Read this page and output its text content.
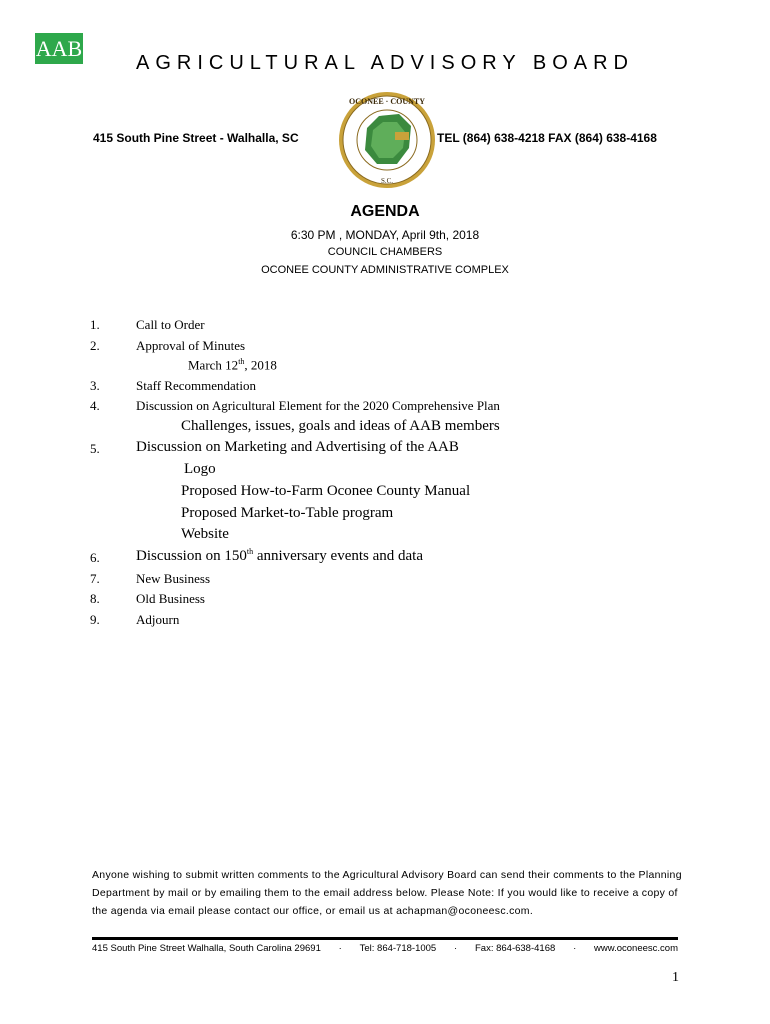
AAB
AGRICULTURAL ADVISORY BOARD
415 South Pine Street - Walhalla, SC	TEL (864) 638-4218 FAX (864) 638-4168
OCONEE · COUNTY
S.C.
AGENDA
6:30 PM , MONDAY, April 9th, 2018
COUNCIL CHAMBERS
OCONEE COUNTY ADMINISTRATIVE COMPLEX
1.	Call to Order
2.	Approval of Minutes
March 12th, 2018
3.	Staff Recommendation
4.	Discussion on Agricultural Element for the 2020 Comprehensive Plan
Challenges, issues, goals and ideas of AAB members
5. Discussion on Marketing and Advertising of the AAB
Logo
Proposed How-to-Farm Oconee County Manual
Proposed Market-to-Table program
Website
6. Discussion on 150th anniversary events and data
7.	New Business
8.	Old Business
9.	Adjourn
Anyone wishing to submit written comments to the Agricultural Advisory Board can send their comments to the Planning Department by mail or by emailing them to the email address below. Please Note: If you would like to receive a copy of the agenda via email please contact our office, or email us at achapman@oconeesc.com.
415 South Pine Street Walhalla, South Carolina 29691 · Tel: 864-718-1005 · Fax: 864-638-4168 · www.oconeesc.com
1
